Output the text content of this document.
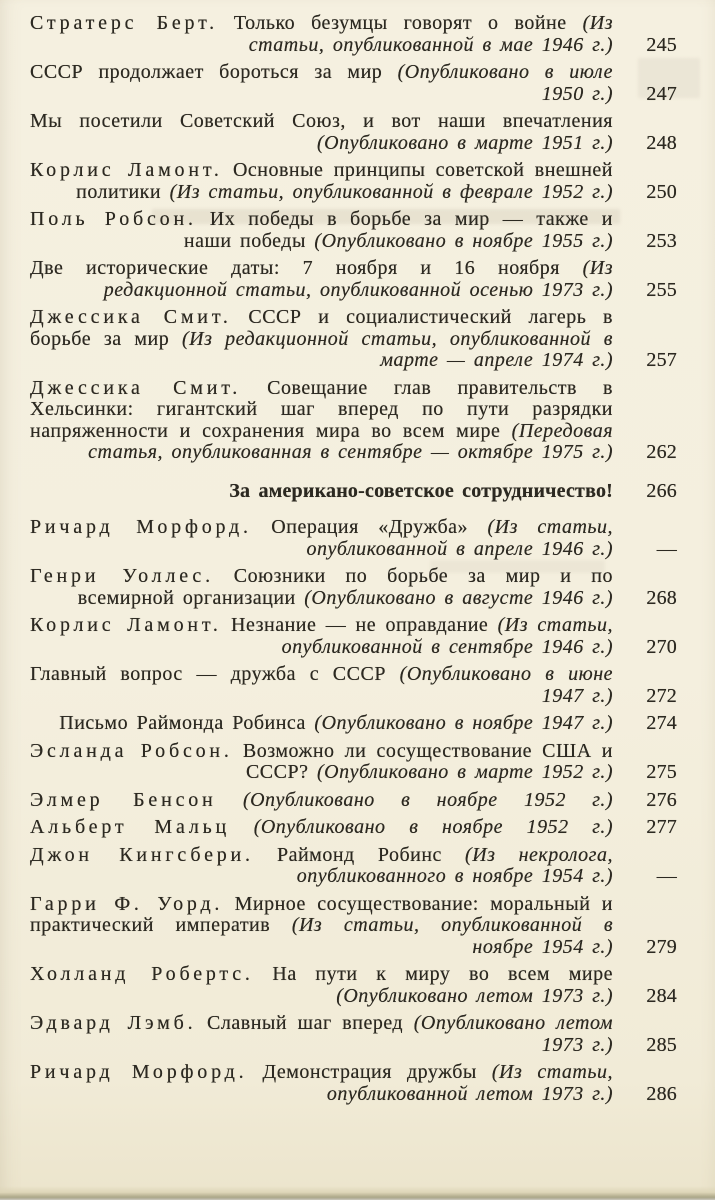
Стратерс Берт. Только безумцы говорят о войне (Из статьи, опубликованной в мае 1946 г.)	245

СССР продолжает бороться за мир (Опубликовано в июле 1950 г.)	247

Мы посетили Советский Союз, и вот наши впечатления (Опубликовано в марте 1951 г.)	248

Корлис Ламонт. Основные принципы советской внешней политики (Из статьи, опубликованной в феврале 1952 г.)	250

Поль Робсон. Их победы в борьбе за мир — также и наши победы (Опубликовано в ноябре 1955 г.)	253

Две исторические даты: 7 ноября и 16 ноября (Из редакционной статьи, опубликованной осенью 1973 г.)	255

Джессика Смит. СССР и социалистический лагерь в борьбе за мир (Из редакционной статьи, опубликованной в марте — апреле 1974 г.)	257

Джессика Смит. Совещание глав правительств в Хельсинки: гигантский шаг вперед по пути разрядки напряженности и сохранения мира во всем мире (Передовая статья, опубликованная в сентябре — октябре 1975 г.)	262

За американо-советское сотрудничество!	266

Ричард Морфорд. Операция «Дружба» (Из статьи, опубликованной в апреле 1946 г.)	—

Генри Уоллес. Союзники по борьбе за мир и по всемирной организации (Опубликовано в августе 1946 г.)	268

Корлис Ламонт. Незнание — не оправдание (Из статьи, опубликованной в сентябре 1946 г.)	270

Главный вопрос — дружба с СССР (Опубликовано в июне 1947 г.)	272

Письмо Раймонда Робинса (Опубликовано в ноябре 1947 г.)	274

Эсланда Робсон. Возможно ли сосуществование США и СССР? (Опубликовано в марте 1952 г.)	275

Элмер Бенсон (Опубликовано в ноябре 1952 г.)	276

Альберт Мальц (Опубликовано в ноябре 1952 г.)	277

Джон Кингсбери. Раймонд Робинс (Из некролога, опубликованного в ноябре 1954 г.)	—

Гарри Ф. Уорд. Мирное сосуществование: моральный и практический императив (Из статьи, опубликованной в ноябре 1954 г.)	279

Холланд Робертс. На пути к миру во всем мире (Опубликовано летом 1973 г.)	284

Эдвард Лэмб. Славный шаг вперед (Опубликовано летом 1973 г.)	285

Ричард Морфорд. Демонстрация дружбы (Из статьи, опубликованной летом 1973 г.)	286
